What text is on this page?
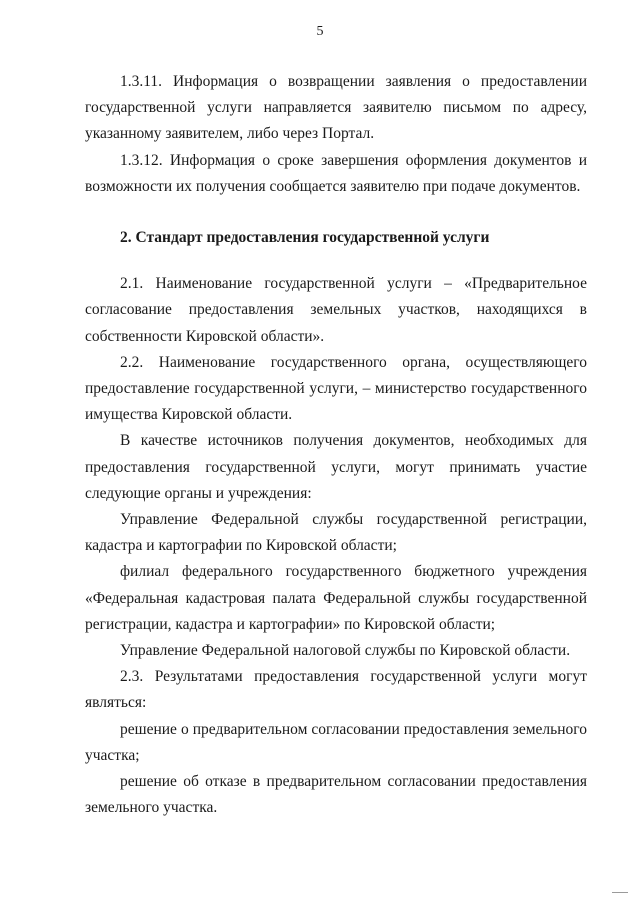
5

1.3.11. Информация о возвращении заявления о предоставлении государственной услуги направляется заявителю письмом по адресу, указанному заявителем, либо через Портал.

1.3.12. Информация о сроке завершения оформления документов и возможности их получения сообщается заявителю при подаче документов.

2. Стандарт предоставления государственной услуги

2.1. Наименование государственной услуги – «Предварительное согласование предоставления земельных участков, находящихся в собственности Кировской области».

2.2. Наименование государственного органа, осуществляющего предоставление государственной услуги, – министерство государственного имущества Кировской области.

В качестве источников получения документов, необходимых для предоставления государственной услуги, могут принимать участие следующие органы и учреждения:

Управление Федеральной службы государственной регистрации, кадастра и картографии по Кировской области;

филиал федерального государственного бюджетного учреждения «Федеральная кадастровая палата Федеральной службы государственной регистрации, кадастра и картографии» по Кировской области;

Управление Федеральной налоговой службы по Кировской области.

2.3. Результатами предоставления государственной услуги могут являться:

решение о предварительном согласовании предоставления земельного участка;

решение об отказе в предварительном согласовании предоставления земельного участка.
